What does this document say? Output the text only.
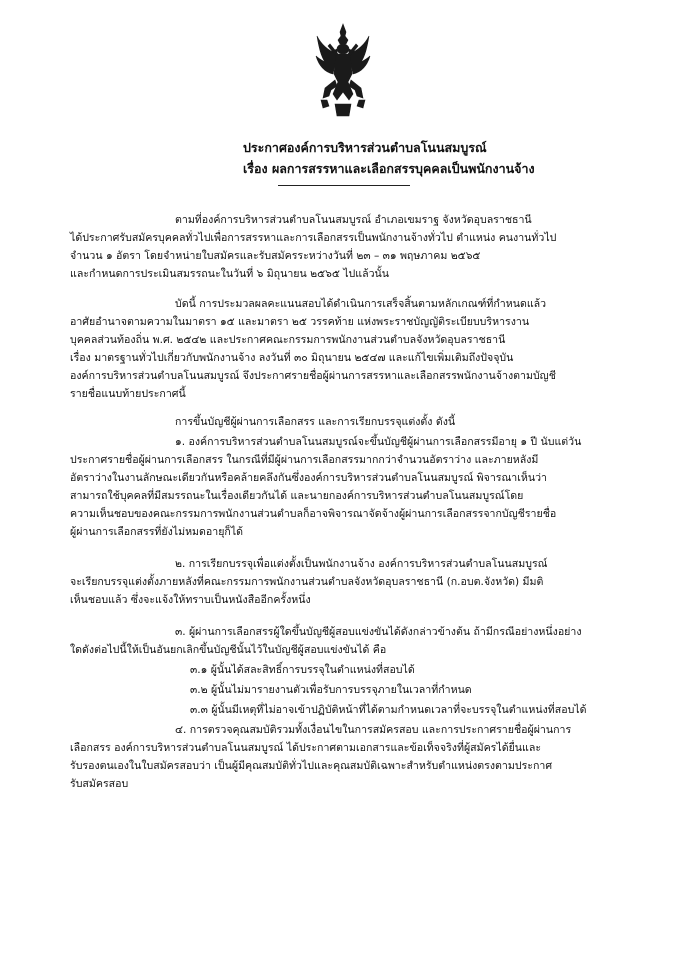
ประกาศองค์การบริหารส่วนตำบลโนนสมบูรณ์
เรื่อง ผลการสรรหาและเลือกสรรบุคคลเป็นพนักงานจ้าง
ตามที่องค์การบริหารส่วนตำบลโนนสมบูรณ์ อำเภอเขมราฐ จังหวัดอุบลราชธานี
ได้ประกาศรับสมัครบุคคลทั่วไปเพื่อการสรรหาและการเลือกสรรเป็นพนักงานจ้างทั่วไป ตำแหน่ง คนงานทั่วไป
จำนวน ๑ อัตรา โดยจำหน่ายใบสมัครและรับสมัครระหว่างวันที่ ๒๓ – ๓๑ พฤษภาคม ๒๕๖๕
และกำหนดการประเมินสมรรถนะในวันที่ ๖ มิถุนายน ๒๕๖๕ ไปแล้วนั้น
บัดนี้ การประมวลผลคะแนนสอบได้ดำเนินการเสร็จสิ้นตามหลักเกณฑ์ที่กำหนดแล้ว
อาศัยอำนาจตามความในมาตรา ๑๕ และมาตรา ๒๕ วรรคท้าย แห่งพระราชบัญญัติระเบียบบริหารงาน
บุคคลส่วนท้องถิ่น พ.ศ. ๒๕๔๒ และประกาศคณะกรรมการพนักงานส่วนตำบลจังหวัดอุบลราชธานี
เรื่อง มาตรฐานทั่วไปเกี่ยวกับพนักงานจ้าง ลงวันที่ ๓๐ มิถุนายน ๒๕๔๗ และแก้ไขเพิ่มเติมถึงปัจจุบัน
องค์การบริหารส่วนตำบลโนนสมบูรณ์ จึงประกาศรายชื่อผู้ผ่านการสรรหาและเลือกสรรพนักงานจ้างตามบัญชี
รายชื่อแนบท้ายประกาศนี้
การขึ้นบัญชีผู้ผ่านการเลือกสรร และการเรียกบรรจุแต่งตั้ง ดังนี้
๑. องค์การบริหารส่วนตำบลโนนสมบูรณ์จะขึ้นบัญชีผู้ผ่านการเลือกสรรมีอายุ ๑ ปี นับแต่วัน
ประกาศรายชื่อผู้ผ่านการเลือกสรร ในกรณีที่มีผู้ผ่านการเลือกสรรมากกว่าจำนวนอัตราว่าง และภายหลังมี
อัตราว่างในงานลักษณะเดียวกันหรือคล้ายคลึงกันซึ่งองค์การบริหารส่วนตำบลโนนสมบูรณ์ พิจารณาเห็นว่า
สามารถใช้บุคคลที่มีสมรรถนะในเรื่องเดียวกันได้ และนายกองค์การบริหารส่วนตำบลโนนสมบูรณ์โดย
ความเห็นชอบของคณะกรรมการพนักงานส่วนตำบลก็อาจพิจารณาจัดจ้างผู้ผ่านการเลือกสรรจากบัญชีรายชื่อ
ผู้ผ่านการเลือกสรรที่ยังไม่หมดอายุก็ได้
๒. การเรียกบรรจุเพื่อแต่งตั้งเป็นพนักงานจ้าง องค์การบริหารส่วนตำบลโนนสมบูรณ์
จะเรียกบรรจุแต่งตั้งภายหลังที่คณะกรรมการพนักงานส่วนตำบลจังหวัดอุบลราชธานี (ก.อบต.จังหวัด) มีมติ
เห็นชอบแล้ว ซึ่งจะแจ้งให้ทราบเป็นหนังสืออีกครั้งหนึ่ง
๓. ผู้ผ่านการเลือกสรรผู้ใดขึ้นบัญชีผู้สอบแข่งขันได้ดังกล่าวข้างต้น ถ้ามีกรณีอย่างหนึ่งอย่าง
ใดดังต่อไปนี้ให้เป็นอันยกเลิกขึ้นบัญชีนั้นไว้ในบัญชีผู้สอบแข่งขันได้ คือ
๓.๑ ผู้นั้นได้สละสิทธิ์การบรรจุในตำแหน่งที่สอบได้
๓.๒ ผู้นั้นไม่มารายงานตัวเพื่อรับการบรรจุภายในเวลาที่กำหนด
๓.๓ ผู้นั้นมีเหตุที่ไม่อาจเข้าปฏิบัติหน้าที่ได้ตามกำหนดเวลาที่จะบรรจุในตำแหน่งที่สอบได้
๔. การตรวจคุณสมบัติรวมทั้งเงื่อนไขในการสมัครสอบ และการประกาศรายชื่อผู้ผ่านการ
เลือกสรร องค์การบริหารส่วนตำบลโนนสมบูรณ์ ได้ประกาศตามเอกสารและข้อเท็จจริงที่ผู้สมัครได้ยื่นและ
รับรองตนเองในใบสมัครสอบว่า เป็นผู้มีคุณสมบัติทั่วไปและคุณสมบัติเฉพาะสำหรับตำแหน่งตรงตามประกาศ
รับสมัครสอบ
